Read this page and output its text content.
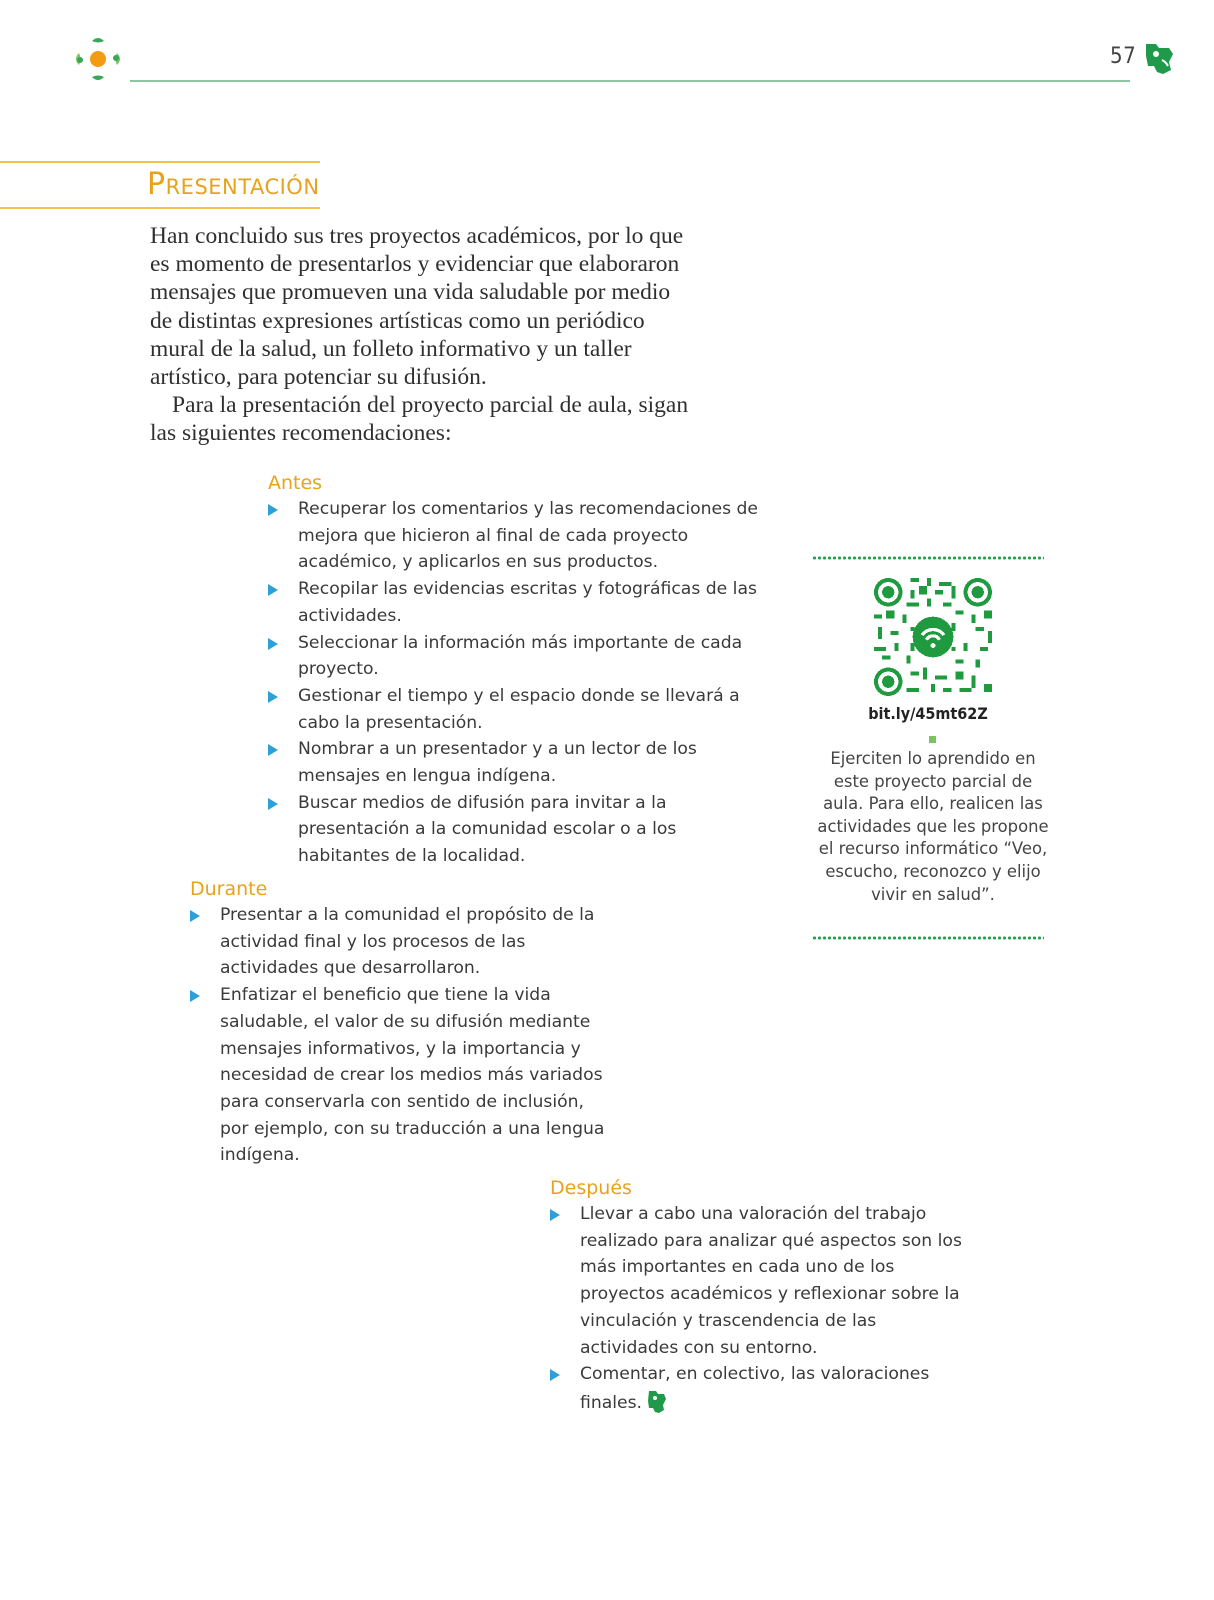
57
Presentación

Han concluido sus tres proyectos académicos, por lo que es momento de presentarlos y evidenciar que elaboraron mensajes que promueven una vida saludable por medio de distintas expresiones artísticas como un periódico mural de la salud, un folleto informativo y un taller artístico, para potenciar su difusión.

Para la presentación del proyecto parcial de aula, sigan las siguientes recomendaciones:

Antes
Recuperar los comentarios y las recomendaciones de mejora que hicieron al final de cada proyecto académico, y aplicarlos en sus productos.
Recopilar las evidencias escritas y fotográficas de las actividades.
Seleccionar la información más importante de cada proyecto.
Gestionar el tiempo y el espacio donde se llevará a cabo la presentación.
Nombrar a un presentador y a un lector de los mensajes en lengua indígena.
Buscar medios de difusión para invitar a la presentación a la comunidad escolar o a los habitantes de la localidad.
bit.ly/45mt62Z
Ejerciten lo aprendido en este proyecto parcial de aula. Para ello, realicen las actividades que les propone el recurso informático “Veo, escucho, reconozco y elijo vivir en salud”.
Durante
Presentar a la comunidad el propósito de la actividad final y los procesos de las actividades que desarrollaron.
Enfatizar el beneficio que tiene la vida saludable, el valor de su difusión mediante mensajes informativos, y la importancia y necesidad de crear los medios más variados para conservarla con sentido de inclusión, por ejemplo, con su traducción a una lengua indígena.
Después
Llevar a cabo una valoración del trabajo realizado para analizar qué aspectos son los más importantes en cada uno de los proyectos académicos y reflexionar sobre la vinculación y trascendencia de las actividades con su entorno.
Comentar, en colectivo, las valoraciones finales.
